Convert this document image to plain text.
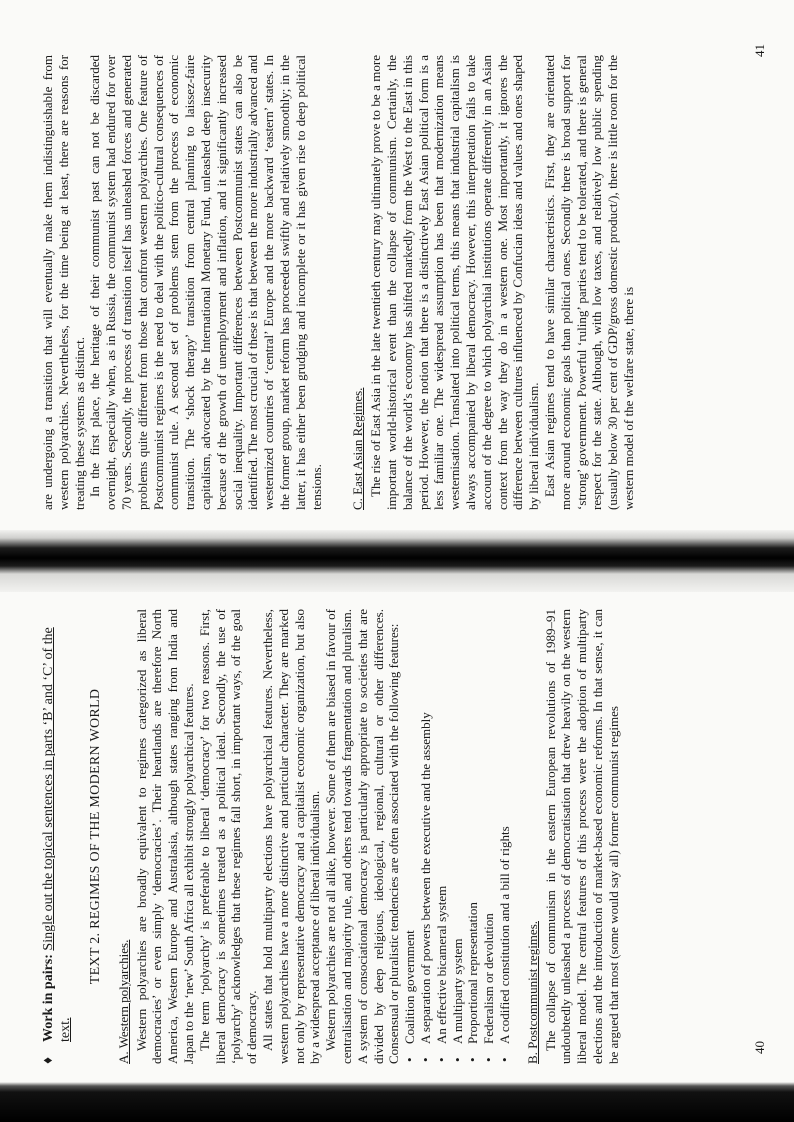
♦
Work in pairs: Single out the topical sentences in parts ‘B’ and ‘C’ of the text.
TEXT 2. REGIMES OF THE MODERN WORLD
A. Western polyarchies. Western polyarchies are broadly equivalent to regimes categorized as liberal democracies’ or even simply ‘democracies’. Their heartlands are therefore North America, Western Europe and Australasia, although states ranging from India and Japan to the ‘new’ South Africa all exhibit strongly polyarchical features. The term ‘polyarchy’ is preferable to liberal ‘democracy’ for two reasons. First, liberal democracy is sometimes treated as a political ideal. Secondly, the use of ‘polyarchy’ acknowledges that these regimes fall short, in important ways, of the goal of democracy. All states that hold multiparty elections have polyarchical features. Nevertheless, western polyarchies have a more distinctive and particular character. They are marked not only by representative democracy and a capitalist economic organization, but also by a widespread acceptance of liberal individualism. Western polyarchies are not all alike, however. Some of them are biased in favour of centralisation and majority rule, and others tend towards fragmentation and pluralism. A system of consociational democracy is particularly appropriate to societies that are divided by deep religious, ideological, regional, cultural or other differences. Consensual or pluralistic tendencies are often associated with the following features: • Coalition government • A separation of powers between the executive and the assembly • An effective bicameral system • A multiparty system • Proportional representation • Federalism or devolution • A codified constitution and a bill of rights B. Postcommunist regimes. The collapse of communism in the eastern European revolutions of 1989–91 undoubtedly unleashed a process of democratisation that drew heavily on the western liberal model. The central features of this process were the adoption of multiparty elections and the introduction of market-based economic reforms. In that sense, it can be argued that most (some would say all) former communist regimes	40

are undergoing a transition that will eventually make them indistinguishable from western polyarchies. Nevertheless, for the time being at least, there are reasons for treating these systems as distinct. In the first place, the heritage of their communist past can not be discarded overnight, especially when, as in Russia, the communist system had endured for over 70 years. Secondly, the process of transition itself has unleashed forces and generated problems quite different from those that confront western polyarchies. One feature of Postcommunist regimes is the need to deal with the politico-cultural consequences of communist rule. A second set of problems stem from the process of economic transition. The ‘shock therapy’ transition from central planning to laissez-faire capitalism, advocated by the International Monetary Fund, unleashed deep insecurity because of the growth of unemployment and inflation, and it significantly increased social inequality. Important differences between Postcommunist states can also be identified. The most crucial of these is that between the more industrially advanced and westernized countries of ‘central’ Europe and the more backward ‘eastern’ states. In the former group, market reform has proceeded swiftly and relatively smoothly; in the latter, it has either been grudging and incomplete or it has given rise to deep political tensions. C. East Asian Regimes. The rise of East Asia in the late twentieth century may ultimately prove to be a more important world-historical event than the collapse of communism. Certainly, the balance of the world’s economy has shifted markedly from the West to the East in this period. However, the notion that there is a distinctively East Asian political form is a less familiar one. The widespread assumption has been that modernization means westernisation. Translated into political terms, this means that industrial capitalism is always accompanied by liberal democracy. However, this interpretation fails to take account of the degree to which polyarchial institutions operate differently in an Asian context from the way they do in a western one. Most importantly, it ignores the difference between cultures influenced by Confucian ideas and values and ones shaped by liberal individualism. East Asian regimes tend to have similar characteristics. First, they are orientated more around economic goals than political ones. Secondly there is broad support for ‘strong’ government. Powerful ‘ruling’ parties tend to be tolerated, and there is general respect for the state. Although, with low taxes, and relatively low public spending (usually below 30 per cent of GDP/gross domestic product/), there is little room for the western model of the welfare state, there is

41
